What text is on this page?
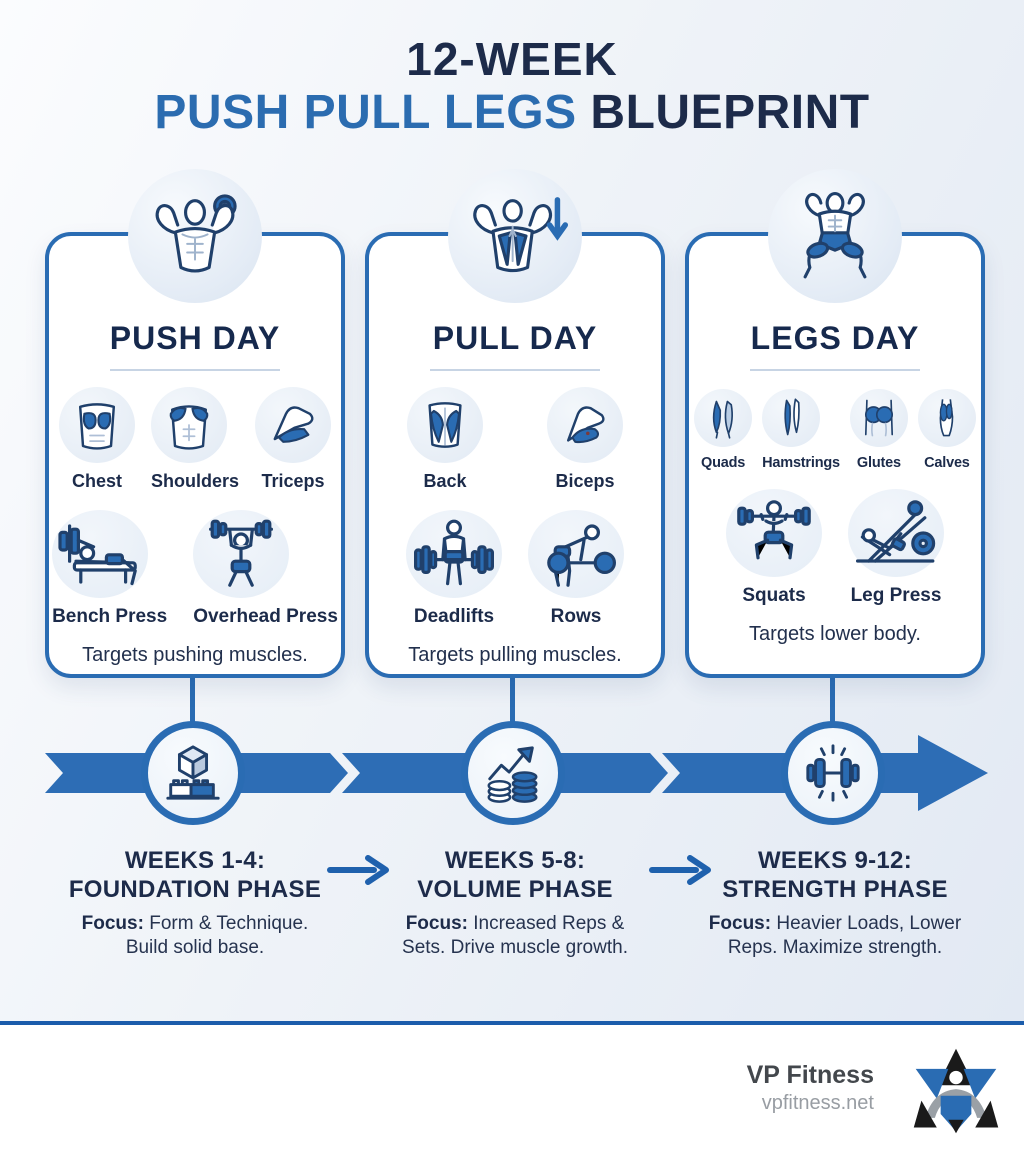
12-WEEK
PUSH PULL LEGS BLUEPRINT
PUSH DAY
Chest	Shoulders	Triceps
Bench Press Overhead Press

Targets pushing muscles.

PULL DAY
Back	Biceps
Deadlifts	Rows

Targets pulling muscles.

LEGS DAY
Quads	Hamstrings	Glutes	Calves
Squats	Leg Press

Targets lower body.

WEEKS 1-4:
FOUNDATION PHASE

Focus: Form & Technique. Build solid base.

WEEKS 5-8:
VOLUME PHASE

Focus: Increased Reps & Sets. Drive muscle growth.

WEEKS 9-12:
STRENGTH PHASE

Focus: Heavier Loads, Lower Reps. Maximize strength.

VP Fitness
vpfitness.net
